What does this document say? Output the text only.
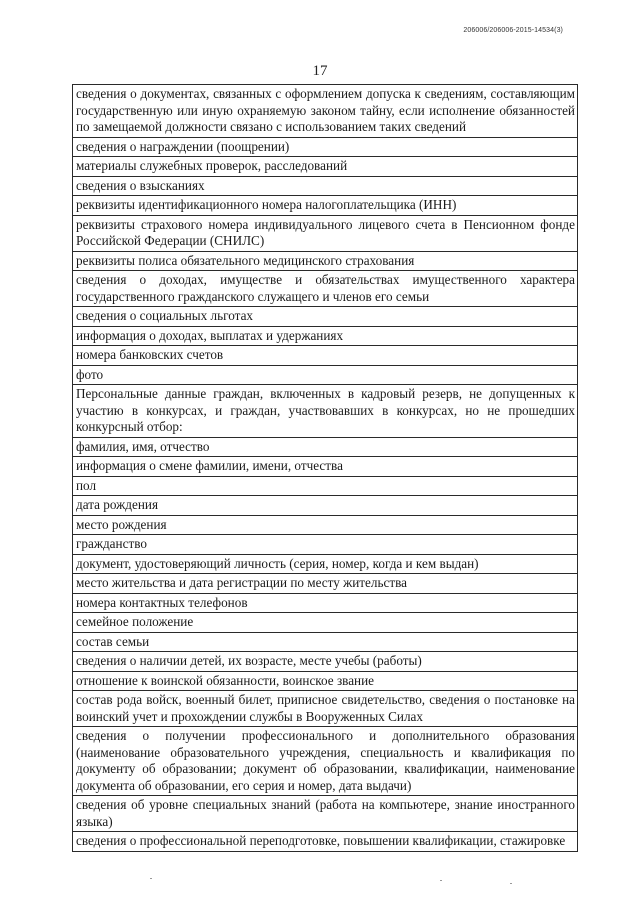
206006/206006-2015-14534(3)
17
сведения о документах, связанных с оформлением допуска к сведениям, составляющим государственную или иную охраняемую законом тайну, если исполнение обязанностей по замещаемой должности связано с использованием таких сведений
сведения о награждении (поощрении)
материалы служебных проверок, расследований
сведения о взысканиях
реквизиты идентификационного номера налогоплательщика (ИНН)
реквизиты страхового номера индивидуального лицевого счета в Пенсионном фонде Российской Федерации (СНИЛС)
реквизиты полиса обязательного медицинского страхования
сведения о доходах, имуществе и обязательствах имущественного характера государственного гражданского служащего и членов его семьи
сведения о социальных льготах
информация о доходах, выплатах и удержаниях
номера банковских счетов
фото
Персональные данные граждан, включенных в кадровый резерв, не допущенных к участию в конкурсах, и граждан, участвовавших в конкурсах, но не прошедших конкурсный отбор:
фамилия, имя, отчество
информация о смене фамилии, имени, отчества
пол
дата рождения
место рождения
гражданство
документ, удостоверяющий личность (серия, номер, когда и кем выдан)
место жительства и дата регистрации по месту жительства
номера контактных телефонов
семейное положение
состав семьи
сведения о наличии детей, их возрасте, месте учебы (работы)
отношение к воинской обязанности, воинское звание
состав рода войск, военный билет, приписное свидетельство, сведения о постановке на воинский учет и прохождении службы в Вооруженных Силах
сведения о получении профессионального и дополнительного образования (наименование образовательного учреждения, специальность и квалификация по документу об образовании; документ об образовании, квалификации, наименование документа об образовании, его серия и номер, дата выдачи)
сведения об уровне специальных знаний (работа на компьютере, знание иностранного языка)
сведения о профессиональной переподготовке, повышении квалификации, стажировке
